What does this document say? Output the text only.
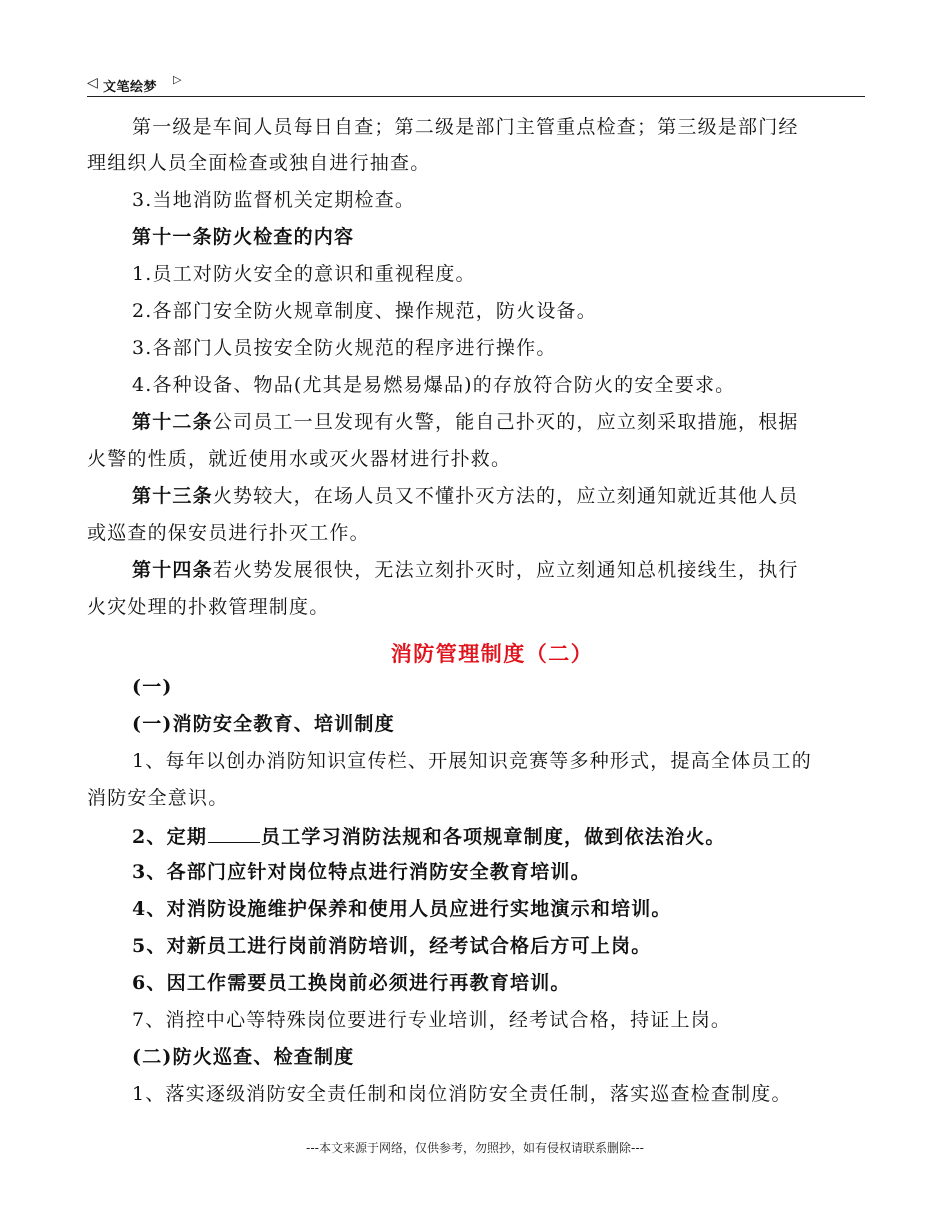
◁ 文笔绘梦
▷
第一级是车间人员每日自查；第二级是部门主管重点检查；第三级是部门经
理组织人员全面检查或独自进行抽查。
3.当地消防监督机关定期检查。
第十一条防火检查的内容
1.员工对防火安全的意识和重视程度。
2.各部门安全防火规章制度、操作规范，防火设备。
3.各部门人员按安全防火规范的程序进行操作。
4.各种设备、物品(尤其是易燃易爆品)的存放符合防火的安全要求。
第十二条公司员工一旦发现有火警，能自己扑灭的，应立刻采取措施，根据
火警的性质，就近使用水或灭火器材进行扑救。
第十三条火势较大，在场人员又不懂扑灭方法的，应立刻通知就近其他人员
或巡查的保安员进行扑灭工作。
第十四条若火势发展很快，无法立刻扑灭时，应立刻通知总机接线生，执行
火灾处理的扑救管理制度。
消防管理制度（二）
(一)
(一)消防安全教育、培训制度
1、每年以创办消防知识宣传栏、开展知识竞赛等多种形式，提高全体员工的
消防安全意识。
2、定期	员工学习消防法规和各项规章制度，做到依法治火。
3、各部门应针对岗位特点进行消防安全教育培训。
4、对消防设施维护保养和使用人员应进行实地演示和培训。
5、对新员工进行岗前消防培训，经考试合格后方可上岗。
6、因工作需要员工换岗前必须进行再教育培训。
7、消控中心等特殊岗位要进行专业培训，经考试合格，持证上岗。
(二)防火巡查、检查制度
1、落实逐级消防安全责任制和岗位消防安全责任制，落实巡查检查制度。
---本文来源于网络，仅供参考，勿照抄，如有侵权请联系删除---
